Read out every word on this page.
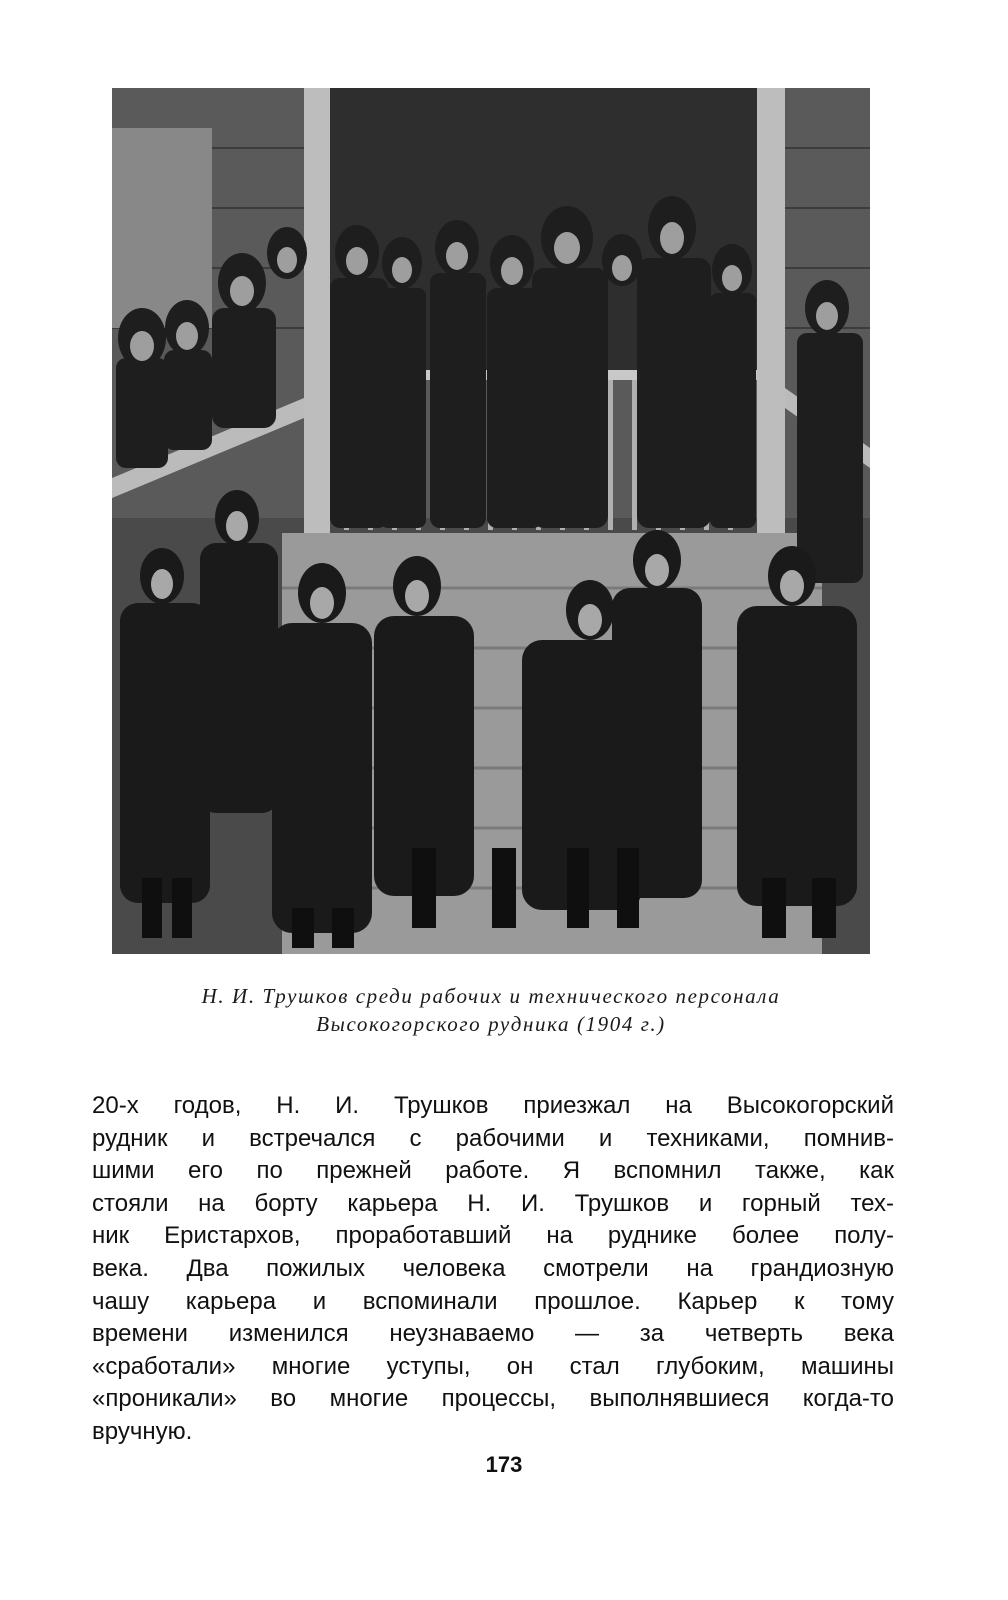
Н. И. Трушков среди рабочих и технического персонала
Высокогорского рудника (1904 г.)
20-х годов, Н. И. Трушков приезжал на Высокогорский
рудник и встречался с рабочими и техниками, помнив-
шими его по прежней работе. Я вспомнил также, как
стояли на борту карьера Н. И. Трушков и горный тех-
ник Еристархов, проработавший на руднике более полу-
века. Два пожилых человека смотрели на грандиозную
чашу карьера и вспоминали прошлое. Карьер к тому
времени изменился неузнаваемо — за четверть века
«сработали» многие уступы, он стал глубоким, машины
«проникали» во многие процессы, выполнявшиеся когда-то
вручную.
173
